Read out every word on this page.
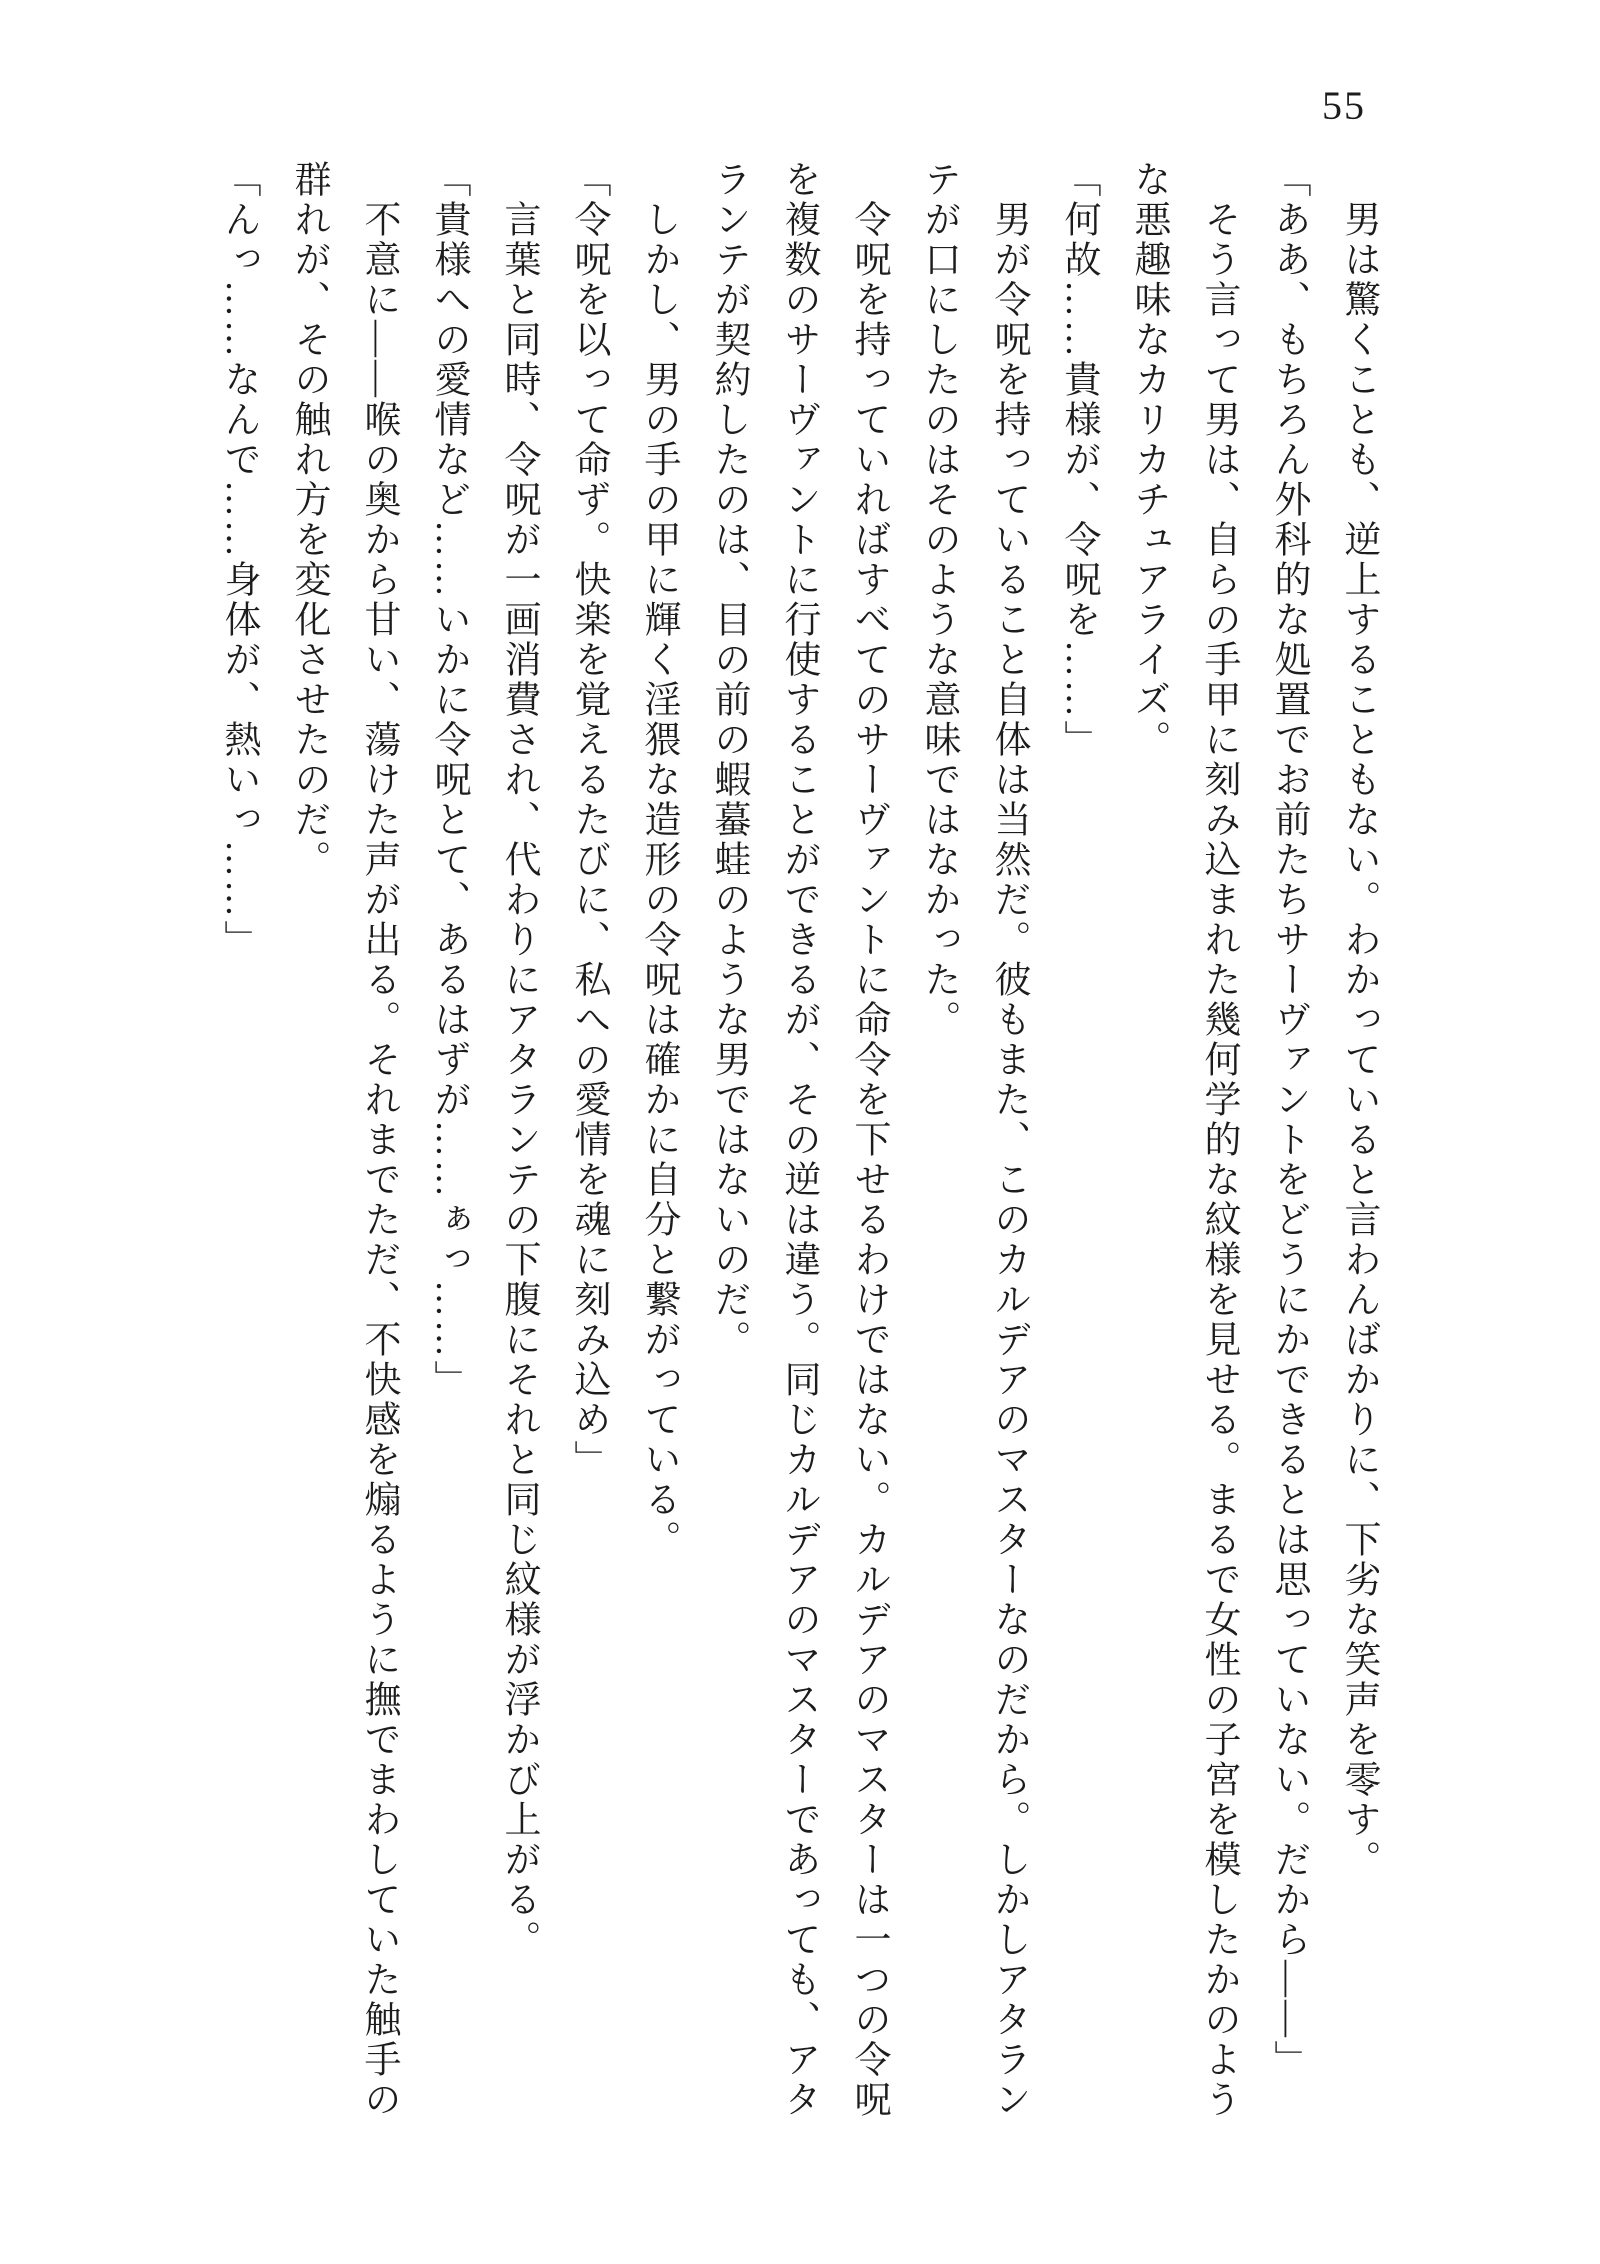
55
男は驚くことも、逆上することもない。わかっていると言わんばかりに、下劣な笑声を零す。
「ああ、もちろん外科的な処置でお前たちサーヴァントをどうにかできるとは思っていない。だから――」
そう言って男は、自らの手甲に刻み込まれた幾何学的な紋様を見せる。まるで女性の子宮を模したかのよう
な悪趣味なカリカチュアライズ。
「何故……貴様が、令呪を……」
男が令呪を持っていること自体は当然だ。彼もまた、このカルデアのマスターなのだから。しかしアタラン
テが口にしたのはそのような意味ではなかった。
令呪を持っていればすべてのサーヴァントに命令を下せるわけではない。カルデアのマスターは一つの令呪
を複数のサーヴァントに行使することができるが、その逆は違う。同じカルデアのマスターであっても、アタ
ランテが契約したのは、目の前の蝦蟇蛙のような男ではないのだ。
しかし、男の手の甲に輝く淫猥な造形の令呪は確かに自分と繋がっている。
「令呪を以って命ず。快楽を覚えるたびに、私への愛情を魂に刻み込め」
言葉と同時、令呪が一画消費され、代わりにアタランテの下腹にそれと同じ紋様が浮かび上がる。
「貴様への愛情など……いかに令呪とて、あるはずが……ぁっ……」
不意に――喉の奥から甘い、蕩けた声が出る。それまでただ、不快感を煽るように撫でまわしていた触手の
群れが、その触れ方を変化させたのだ。
「んっ……なんで……身体が、熱いっ……」
